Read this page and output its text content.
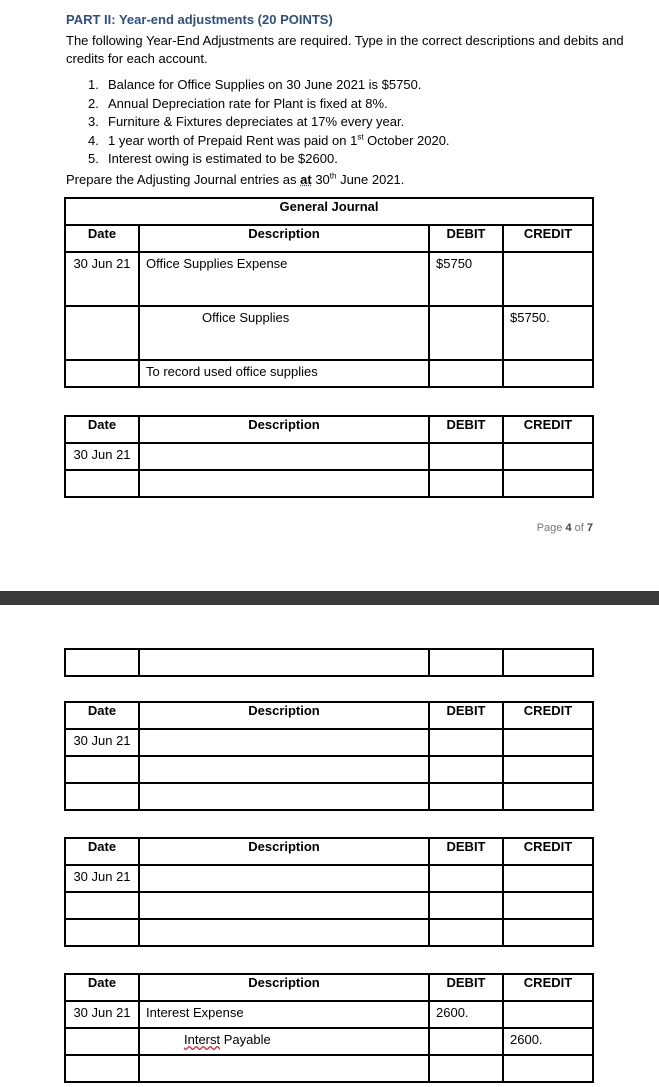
PART II: Year-end adjustments (20 POINTS)
The following Year-End Adjustments are required. Type in the correct descriptions and debits and credits for each account.
1. Balance for Office Supplies on 30 June 2021 is $5750.
2. Annual Depreciation rate for Plant is fixed at 8%.
3. Furniture & Fixtures depreciates at 17% every year.
4. 1 year worth of Prepaid Rent was paid on 1st October 2020.
5. Interest owing is estimated to be $2600.
Prepare the Adjusting Journal entries as at 30th June 2021.
General Journal			
Date	Description	DEBIT	CREDIT
30 Jun 21	Office Supplies Expense	$5750	
	Office Supplies		$5750.
	To record used office supplies		
Date	Description	DEBIT	CREDIT
30 Jun 21			

Page 4 of 7

Date	Description	DEBIT	CREDIT
30 Jun 21			

Date	Description	DEBIT	CREDIT
30 Jun 21			

Date	Description	DEBIT	CREDIT
30 Jun 21	Interest Expense	2600.	
	Interst Payable		2600.
